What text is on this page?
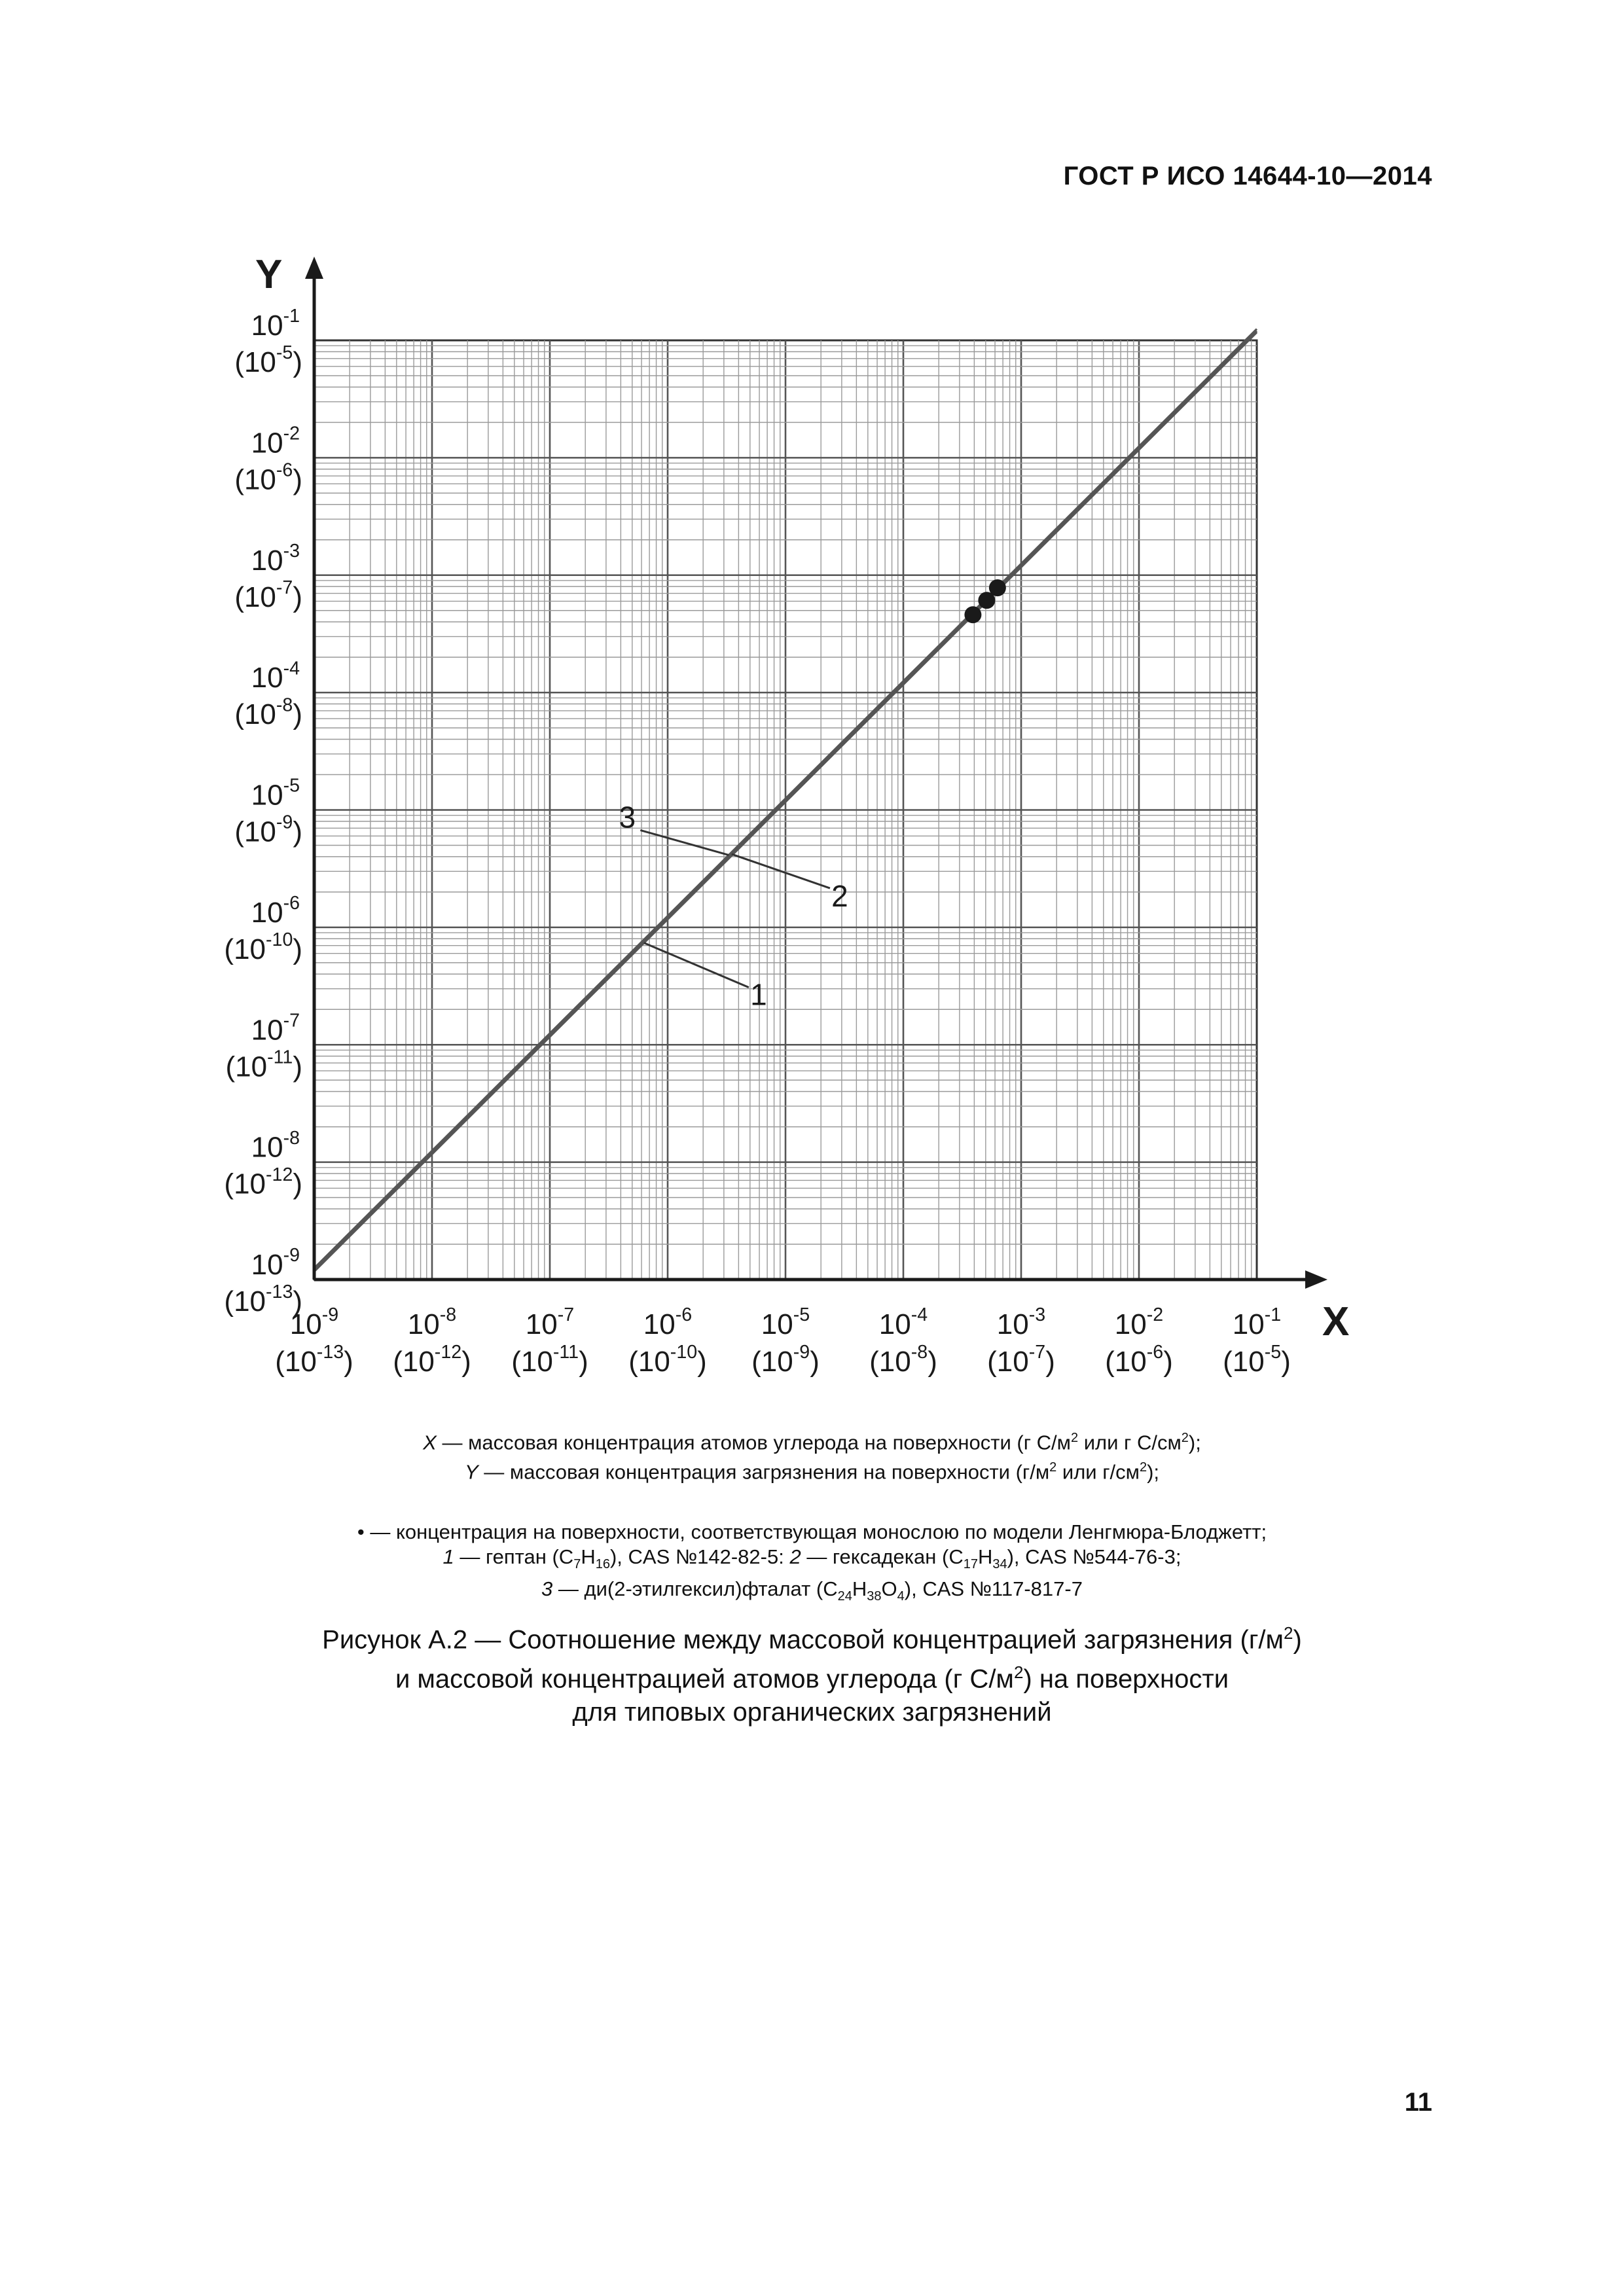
ГОСТ Р ИСО 14644-10—2014
X
Y
$10^{-9}$
$(10^{-13})$
$10^{-8}$
$(10^{-12})$
$10^{-7}$
$(10^{-11})$
$10^{-6}$
$(10^{-10})$
$10^{-5}$
$(10^{-9})$
$10^{-4}$
$(10^{-8})$
$10^{-3}$
$(10^{-7})$
$10^{-2}$
$(10^{-6})$
$10^{-1}$
$(10^{-5})$
$10^{-9}$
$(10^{-13})$
$10^{-8}$
$(10^{-12})$
$10^{-7}$
$(10^{-11})$
$10^{-6}$
$(10^{-10})$
$10^{-5}$
$(10^{-9})$
$10^{-4}$
$(10^{-8})$
$10^{-3}$
$(10^{-7})$
$10^{-2}$
$(10^{-6})$
$10^{-1}$
$(10^{-5})$
1
2
3
X — массовая концентрация атомов углерода на поверхности (г $С/м^2$ или г $С/см^2$);
Y — массовая концентрация загрязнения на поверхности ($г/м^2$ или $г/см^2$);
• — концентрация на поверхности, соответствующая монослою по модели Ленгмюра-Блоджетт;
1 — гептан $(C_7H_{16})$, CAS №142-82-5: 2 — гексадекан $(C_{17}H_{34})$, CAS №544-76-3;
3 — ди(2-этилгексил)фталат $(C_{24}H_{38}O_4)$, CAS №117-817-7
Рисунок А.2 — Соотношение между массовой концентрацией загрязнения $(г/м^2)$
и массовой концентрацией атомов углерода (г $С/м^2$) на поверхности
для типовых органических загрязнений
11
